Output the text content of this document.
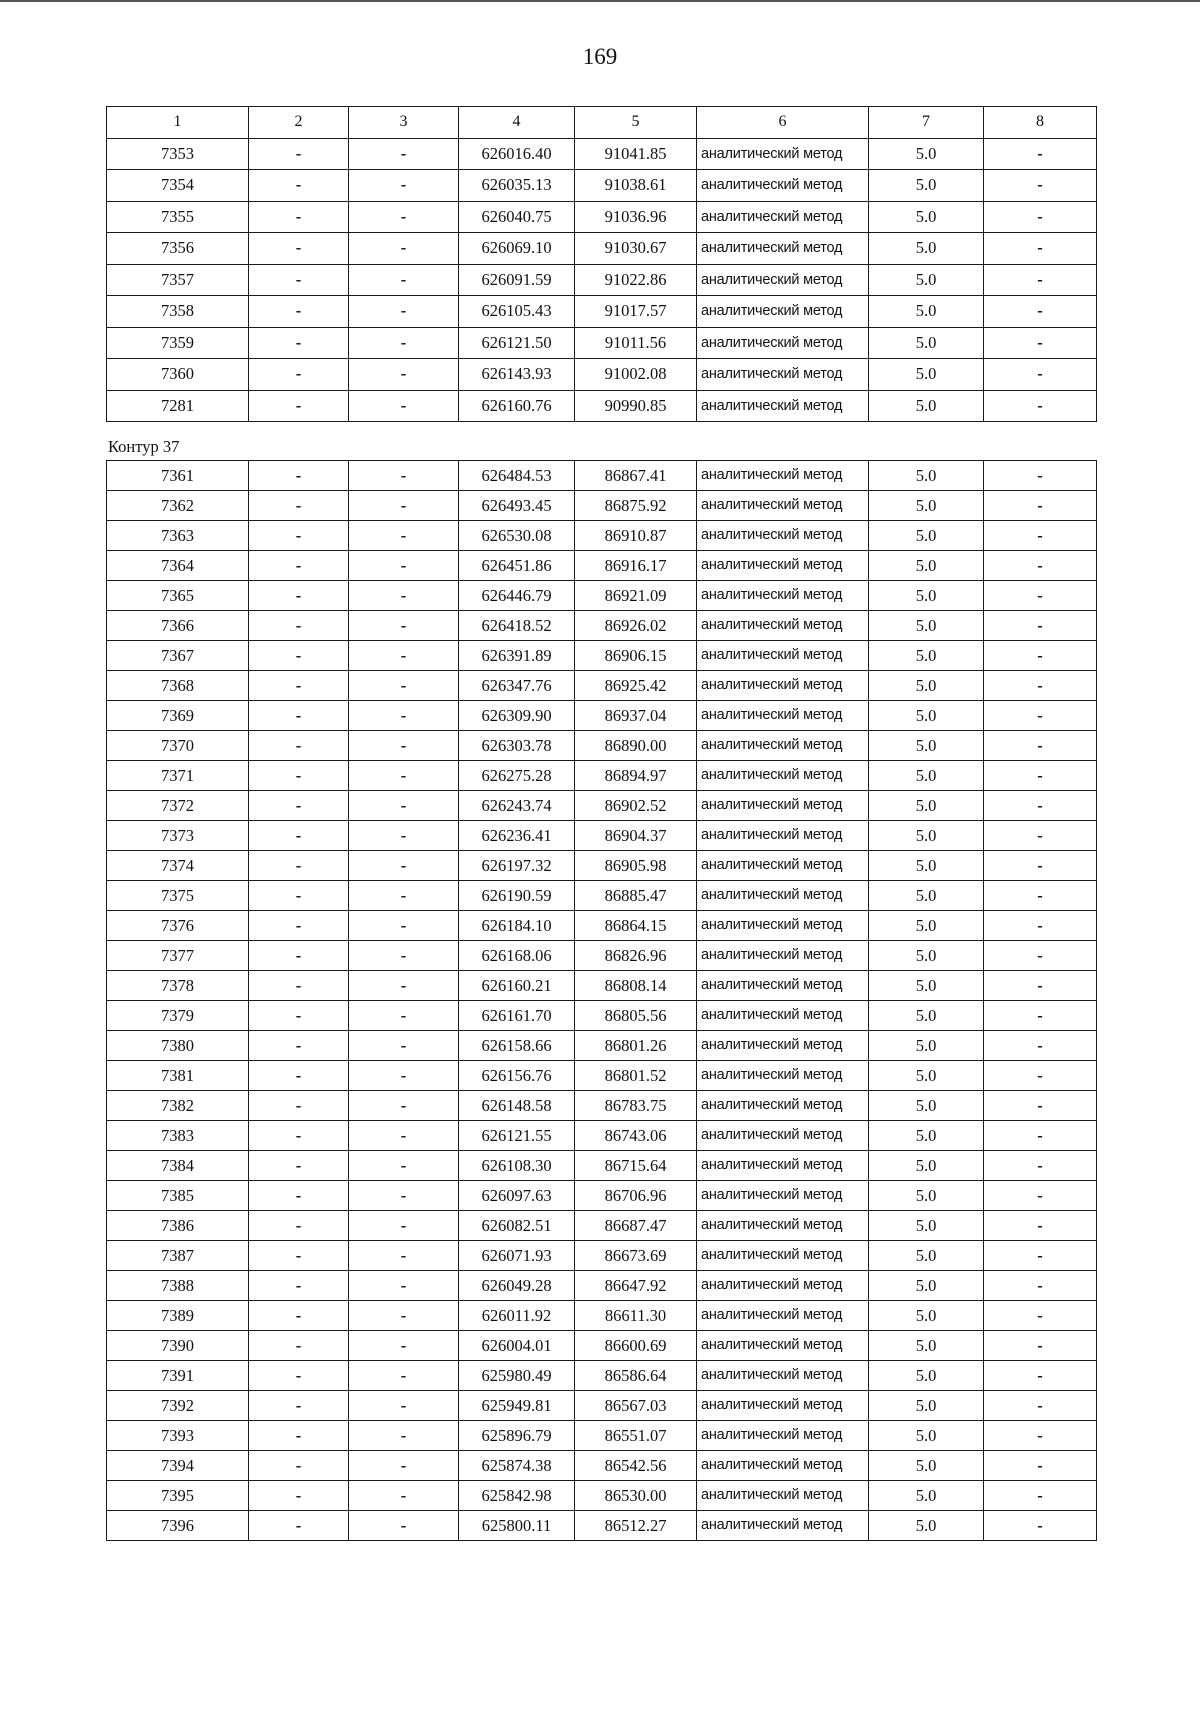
169
1	2	3	4	5	6	7	8
7353	-	-	626016.40	91041.85	аналитический метод	5.0	-
7354	-	-	626035.13	91038.61	аналитический метод	5.0	-
7355	-	-	626040.75	91036.96	аналитический метод	5.0	-
7356	-	-	626069.10	91030.67	аналитический метод	5.0	-
7357	-	-	626091.59	91022.86	аналитический метод	5.0	-
7358	-	-	626105.43	91017.57	аналитический метод	5.0	-
7359	-	-	626121.50	91011.56	аналитический метод	5.0	-
7360	-	-	626143.93	91002.08	аналитический метод	5.0	-
7281	-	-	626160.76	90990.85	аналитический метод	5.0	-
Контур 37
7361	-	-	626484.53	86867.41	аналитический метод	5.0	-
7362	-	-	626493.45	86875.92	аналитический метод	5.0	-
7363	-	-	626530.08	86910.87	аналитический метод	5.0	-
7364	-	-	626451.86	86916.17	аналитический метод	5.0	-
7365	-	-	626446.79	86921.09	аналитический метод	5.0	-
7366	-	-	626418.52	86926.02	аналитический метод	5.0	-
7367	-	-	626391.89	86906.15	аналитический метод	5.0	-
7368	-	-	626347.76	86925.42	аналитический метод	5.0	-
7369	-	-	626309.90	86937.04	аналитический метод	5.0	-
7370	-	-	626303.78	86890.00	аналитический метод	5.0	-
7371	-	-	626275.28	86894.97	аналитический метод	5.0	-
7372	-	-	626243.74	86902.52	аналитический метод	5.0	-
7373	-	-	626236.41	86904.37	аналитический метод	5.0	-
7374	-	-	626197.32	86905.98	аналитический метод	5.0	-
7375	-	-	626190.59	86885.47	аналитический метод	5.0	-
7376	-	-	626184.10	86864.15	аналитический метод	5.0	-
7377	-	-	626168.06	86826.96	аналитический метод	5.0	-
7378	-	-	626160.21	86808.14	аналитический метод	5.0	-
7379	-	-	626161.70	86805.56	аналитический метод	5.0	-
7380	-	-	626158.66	86801.26	аналитический метод	5.0	-
7381	-	-	626156.76	86801.52	аналитический метод	5.0	-
7382	-	-	626148.58	86783.75	аналитический метод	5.0	-
7383	-	-	626121.55	86743.06	аналитический метод	5.0	-
7384	-	-	626108.30	86715.64	аналитический метод	5.0	-
7385	-	-	626097.63	86706.96	аналитический метод	5.0	-
7386	-	-	626082.51	86687.47	аналитический метод	5.0	-
7387	-	-	626071.93	86673.69	аналитический метод	5.0	-
7388	-	-	626049.28	86647.92	аналитический метод	5.0	-
7389	-	-	626011.92	86611.30	аналитический метод	5.0	-
7390	-	-	626004.01	86600.69	аналитический метод	5.0	-
7391	-	-	625980.49	86586.64	аналитический метод	5.0	-
7392	-	-	625949.81	86567.03	аналитический метод	5.0	-
7393	-	-	625896.79	86551.07	аналитический метод	5.0	-
7394	-	-	625874.38	86542.56	аналитический метод	5.0	-
7395	-	-	625842.98	86530.00	аналитический метод	5.0	-
7396	-	-	625800.11	86512.27	аналитический метод	5.0	-
